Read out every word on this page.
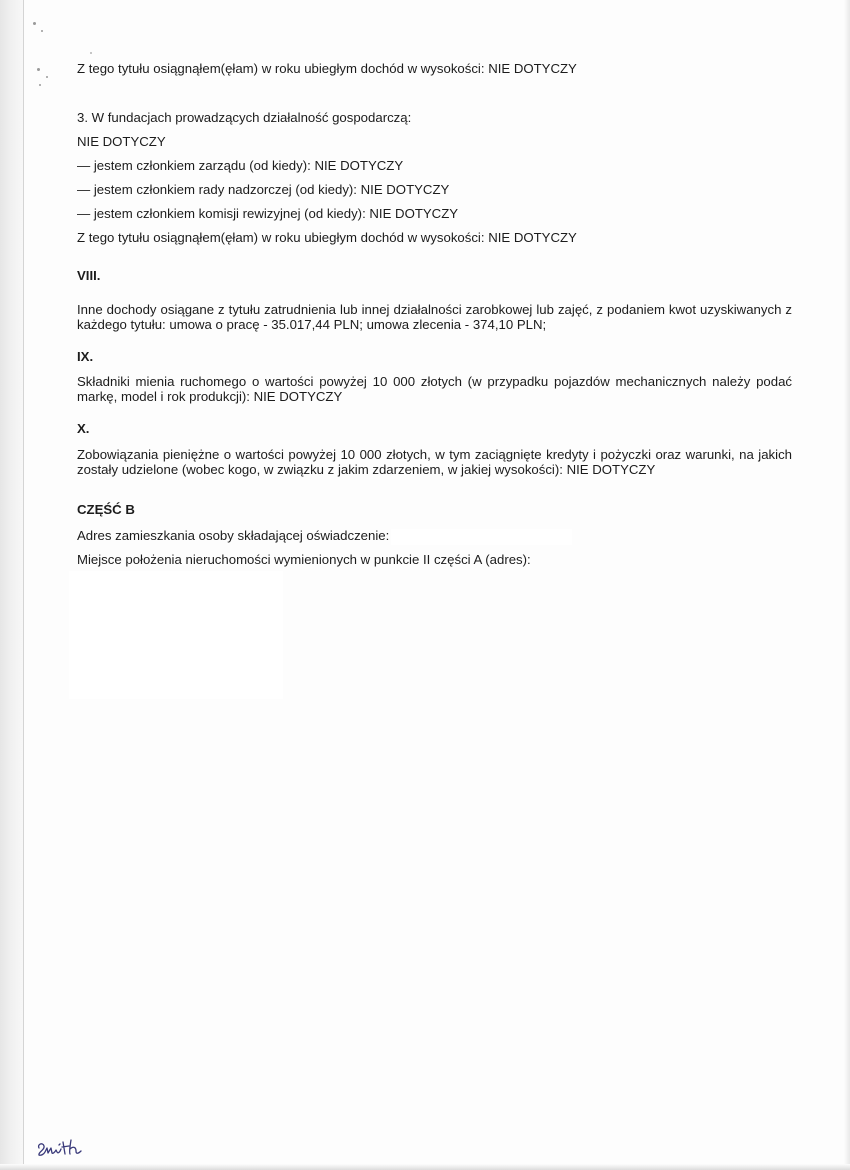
Z tego tytułu osiągnąłem(ęłam) w roku ubiegłym dochód w wysokości: NIE DOTYCZY
3. W fundacjach prowadzących działalność gospodarczą:
NIE DOTYCZY
— jestem członkiem zarządu (od kiedy): NIE DOTYCZY
— jestem członkiem rady nadzorczej (od kiedy): NIE DOTYCZY
— jestem członkiem komisji rewizyjnej (od kiedy): NIE DOTYCZY
Z tego tytułu osiągnąłem(ęłam) w roku ubiegłym dochód w wysokości: NIE DOTYCZY
VIII.
Inne dochody osiągane z tytułu zatrudnienia lub innej działalności zarobkowej lub zajęć, z podaniem kwot uzyskiwanych z każdego tytułu: umowa o pracę - 35.017,44 PLN; umowa zlecenia - 374,10 PLN;
IX.
Składniki mienia ruchomego o wartości powyżej 10 000 złotych (w przypadku pojazdów mechanicznych należy podać markę, model i rok produkcji): NIE DOTYCZY
X.
Zobowiązania pieniężne o wartości powyżej 10 000 złotych, w tym zaciągnięte kredyty i pożyczki oraz warunki, na jakich zostały udzielone (wobec kogo, w związku z jakim zdarzeniem, w jakiej wysokości): NIE DOTYCZY
CZĘŚĆ B
Adres zamieszkania osoby składającej oświadczenie:
Miejsce położenia nieruchomości wymienionych w punkcie II części A (adres):
